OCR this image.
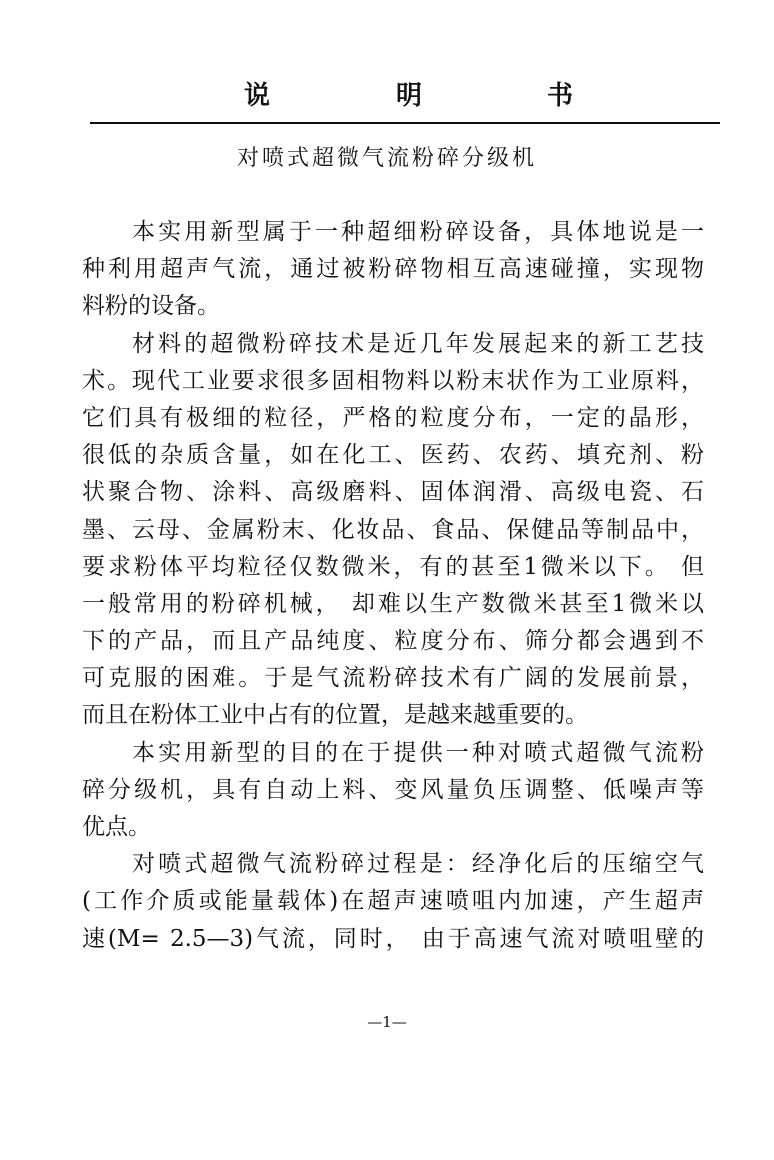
说	明	书
对喷式超微气流粉碎分级机
本实用新型属于一种超细粉碎设备，具体地说是一
种利用超声气流，通过被粉碎物相互高速碰撞，实现物
料粉的设备。
材料的超微粉碎技术是近几年发展起来的新工艺技
术。现代工业要求很多固相物料以粉末状作为工业原料，
它们具有极细的粒径，严格的粒度分布，一定的晶形，
很低的杂质含量，如在化工、医药、农药、填充剂、粉
状聚合物、涂料、高级磨料、固体润滑、高级电瓷、石
墨、云母、金属粉末、化妆品、食品、保健品等制品中，
要求粉体平均粒径仅数微米，有的甚至1微米以下。 但
一般常用的粉碎机械， 却难以生产数微米甚至1微米以
下的产品，而且产品纯度、粒度分布、筛分都会遇到不
可克服的困难。于是气流粉碎技术有广阔的发展前景，
而且在粉体工业中占有的位置，是越来越重要的。
本实用新型的目的在于提供一种对喷式超微气流粉
碎分级机，具有自动上料、变风量负压调整、低噪声等
优点。
对喷式超微气流粉碎过程是：经净化后的压缩空气
(工作介质或能量载体)在超声速喷咀内加速，产生超声
速(M= 2.5—3)气流，同时， 由于高速气流对喷咀壁的
—1—
